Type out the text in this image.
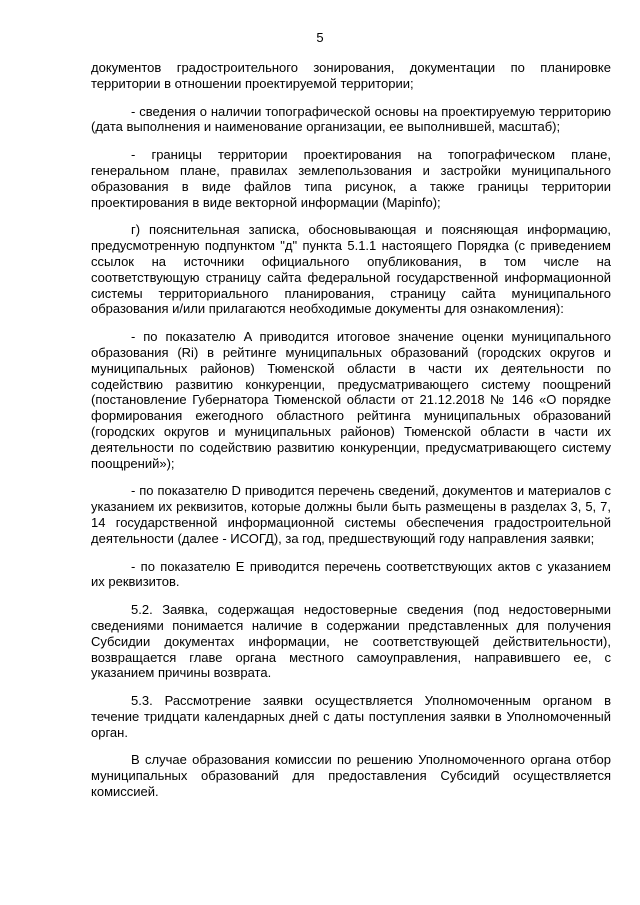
5

документов градостроительного зонирования, документации по планировке территории в отношении проектируемой территории;

- сведения о наличии топографической основы на проектируемую территорию (дата выполнения и наименование организации, ее выполнившей, масштаб);

- границы территории проектирования на топографическом плане, генеральном плане, правилах землепользования и застройки муниципального образования в виде файлов типа рисунок, а также границы территории проектирования в виде векторной информации (Mapinfo);

г) пояснительная записка, обосновывающая и поясняющая информацию, предусмотренную подпунктом "д" пункта 5.1.1 настоящего Порядка (с приведением ссылок на источники официального опубликования, в том числе на соответствующую страницу сайта федеральной государственной информационной системы территориального планирования, страницу сайта муниципального образования и/или прилагаются необходимые документы для ознакомления):

- по показателю A приводится итоговое значение оценки муниципального образования (Ri) в рейтинге муниципальных образований (городских округов и муниципальных районов) Тюменской области в части их деятельности по содействию развитию конкуренции, предусматривающего систему поощрений (постановление Губернатора Тюменской области от 21.12.2018 № 146 «О порядке формирования ежегодного областного рейтинга муниципальных образований (городских округов и муниципальных районов) Тюменской области в части их деятельности по содействию развитию конкуренции, предусматривающего систему поощрений»);

- по показателю D приводится перечень сведений, документов и материалов с указанием их реквизитов, которые должны были быть размещены в разделах 3, 5, 7, 14 государственной информационной системы обеспечения градостроительной деятельности (далее - ИСОГД), за год, предшествующий году направления заявки;

- по показателю E приводится перечень соответствующих актов с указанием их реквизитов.

5.2. Заявка, содержащая недостоверные сведения (под недостоверными сведениями понимается наличие в содержании представленных для получения Субсидии документах информации, не соответствующей действительности), возвращается главе органа местного самоуправления, направившего ее, с указанием причины возврата.

5.3. Рассмотрение заявки осуществляется Уполномоченным органом в течение тридцати календарных дней с даты поступления заявки в Уполномоченный орган.

В случае образования комиссии по решению Уполномоченного органа отбор муниципальных образований для предоставления Субсидий осуществляется комиссией.
